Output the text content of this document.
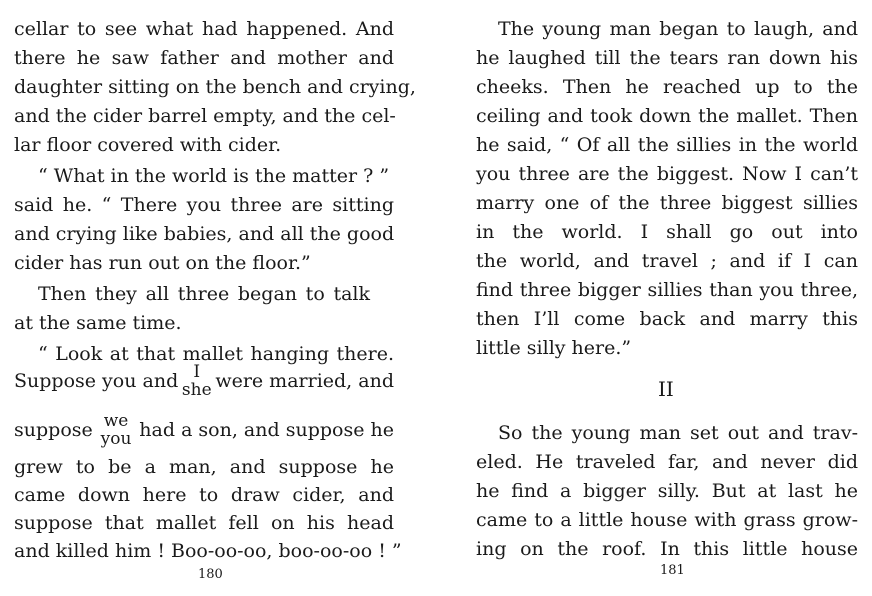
cellar to see what had happened. And
there he saw father and mother and
daughter sitting on the bench and crying,
and the cider barrel empty, and the cel-
lar floor covered with cider.
“ What in the world is the matter ? ”
said he. “ There you three are sitting
and crying like babies, and all the good
cider has run out on the floor.”
Then they all three began to talk
at the same time.
“ Look at that mallet hanging there.
Suppose you and I
she were married, and
suppose we
you had a son, and suppose he
grew to be a man, and suppose he
came down here to draw cider, and
suppose that mallet fell on his head
and killed him ! Boo-oo-oo, boo-oo-oo ! ”
180
The young man began to laugh, and
he laughed till the tears ran down his
cheeks. Then he reached up to the
ceiling and took down the mallet. Then
he said, “ Of all the sillies in the world
you three are the biggest. Now I can’t
marry one of the three biggest sillies
in the world. I shall go out into
the world, and travel ; and if I can
find three bigger sillies than you three,
then I’ll come back and marry this
little silly here.”
II
So the young man set out and trav-
eled. He traveled far, and never did
he find a bigger silly. But at last he
came to a little house with grass grow-
ing on the roof. In this little house
181
